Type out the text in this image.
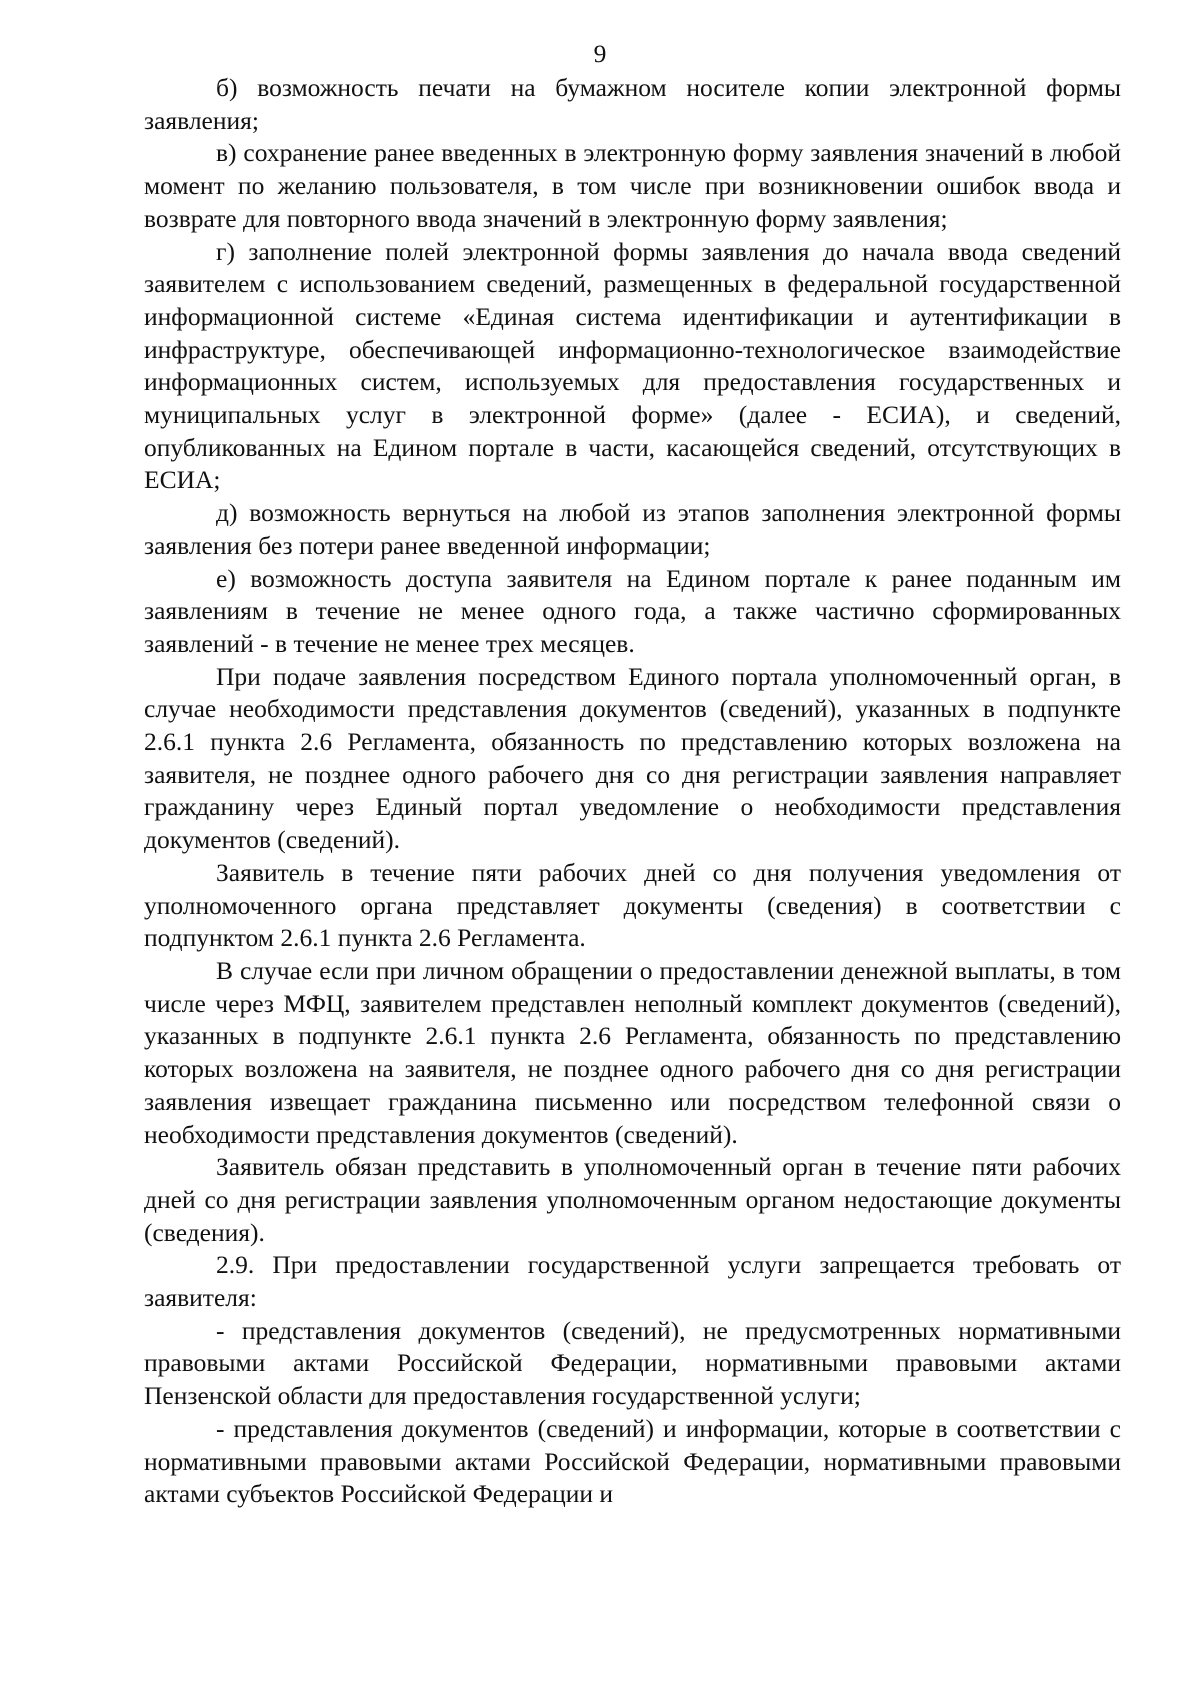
9

б) возможность печати на бумажном носителе копии электронной формы заявления;

в) сохранение ранее введенных в электронную форму заявления значений в любой момент по желанию пользователя, в том числе при возникновении ошибок ввода и возврате для повторного ввода значений в электронную форму заявления;

г) заполнение полей электронной формы заявления до начала ввода сведений заявителем с использованием сведений, размещенных в федеральной государственной информационной системе «Единая система идентификации и аутентификации в инфраструктуре, обеспечивающей информационно-технологическое взаимодействие информационных систем, используемых для предоставления государственных и муниципальных услуг в электронной форме» (далее - ЕСИА), и сведений, опубликованных на Едином портале в части, касающейся сведений, отсутствующих в ЕСИА;

д) возможность вернуться на любой из этапов заполнения электронной формы заявления без потери ранее введенной информации;

е) возможность доступа заявителя на Едином портале к ранее поданным им заявлениям в течение не менее одного года, а также частично сформированных заявлений - в течение не менее трех месяцев.

При подаче заявления посредством Единого портала уполномоченный орган, в случае необходимости представления документов (сведений), указанных в подпункте 2.6.1 пункта 2.6 Регламента, обязанность по представлению которых возложена на заявителя, не позднее одного рабочего дня со дня регистрации заявления направляет гражданину через Единый портал уведомление о необходимости представления документов (сведений).

Заявитель в течение пяти рабочих дней со дня получения уведомления от уполномоченного органа представляет документы (сведения) в соответствии с подпунктом 2.6.1 пункта 2.6 Регламента.

В случае если при личном обращении о предоставлении денежной выплаты, в том числе через МФЦ, заявителем представлен неполный комплект документов (сведений), указанных в подпункте 2.6.1 пункта 2.6 Регламента, обязанность по представлению которых возложена на заявителя, не позднее одного рабочего дня со дня регистрации заявления извещает гражданина письменно или посредством телефонной связи о необходимости представления документов (сведений).

Заявитель обязан представить в уполномоченный орган в течение пяти рабочих дней со дня регистрации заявления уполномоченным органом недостающие документы (сведения).

2.9. При предоставлении государственной услуги запрещается требовать от заявителя:

- представления документов (сведений), не предусмотренных нормативными правовыми актами Российской Федерации, нормативными правовыми актами Пензенской области для предоставления государственной услуги;

- представления документов (сведений) и информации, которые в соответствии с нормативными правовыми актами Российской Федерации, нормативными правовыми актами субъектов Российской Федерации и
